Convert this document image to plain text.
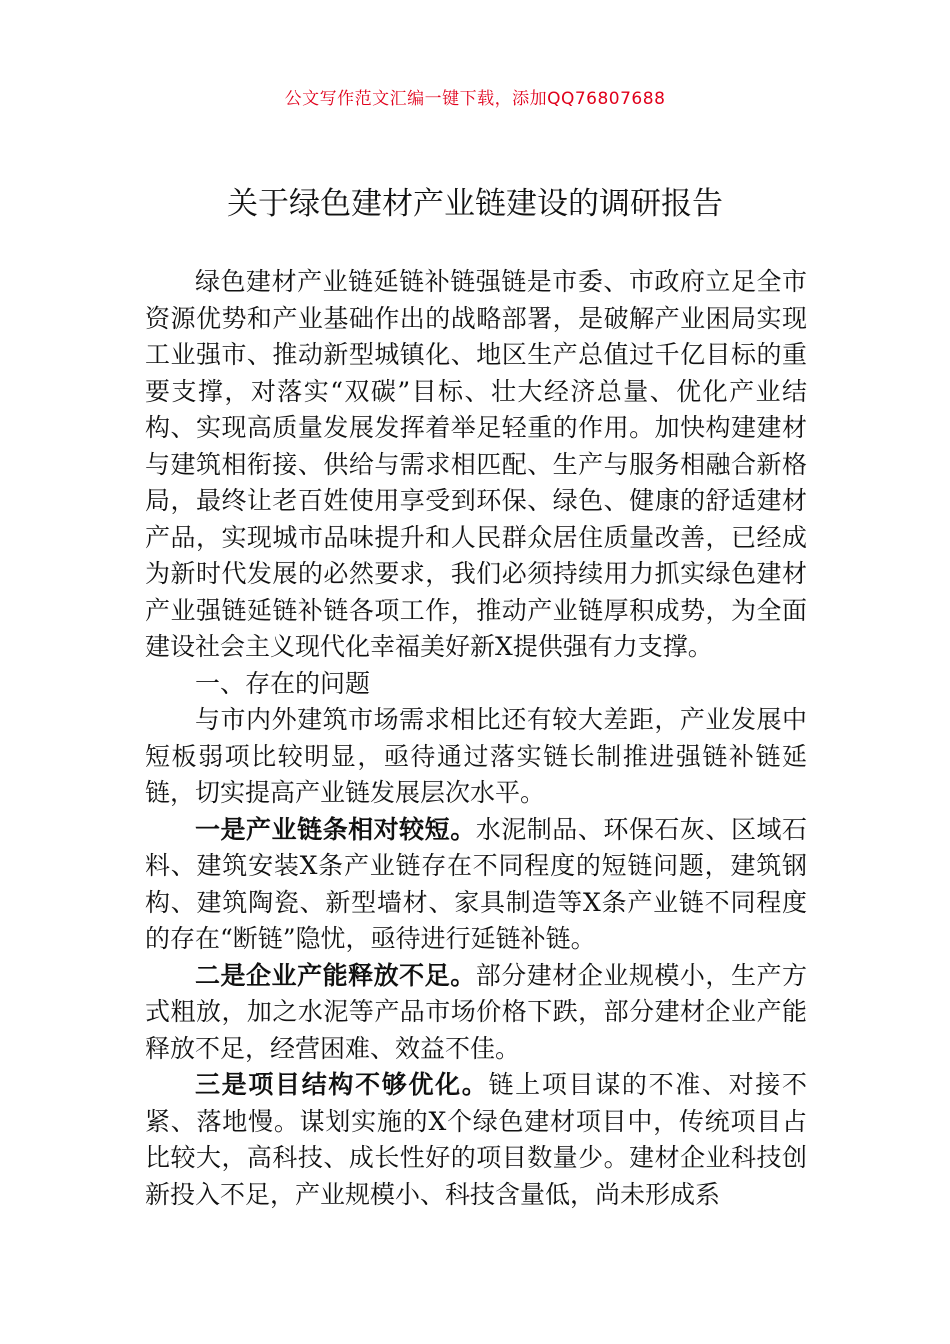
公文写作范文汇编一键下载，添加QQ76807688
关于绿色建材产业链建设的调研报告

绿色建材产业链延链补链强链是市委、市政府立足全市资源优势和产业基础作出的战略部署，是破解产业困局实现工业强市、推动新型城镇化、地区生产总值过千亿目标的重要支撑，对落实“双碳”目标、壮大经济总量、优化产业结构、实现高质量发展发挥着举足轻重的作用。加快构建建材与建筑相衔接、供给与需求相匹配、生产与服务相融合新格局，最终让老百姓使用享受到环保、绿色、健康的舒适建材产品，实现城市品味提升和人民群众居住质量改善，已经成为新时代发展的必然要求，我们必须持续用力抓实绿色建材产业强链延链补链各项工作，推动产业链厚积成势，为全面建设社会主义现代化幸福美好新X提供强有力支撑。

一、存在的问题

与市内外建筑市场需求相比还有较大差距，产业发展中短板弱项比较明显，亟待通过落实链长制推进强链补链延链，切实提高产业链发展层次水平。

一是产业链条相对较短。水泥制品、环保石灰、区域石料、建筑安装X条产业链存在不同程度的短链问题，建筑钢构、建筑陶瓷、新型墙材、家具制造等X条产业链不同程度的存在“断链”隐忧，亟待进行延链补链。

二是企业产能释放不足。部分建材企业规模小，生产方式粗放，加之水泥等产品市场价格下跌，部分建材企业产能释放不足，经营困难、效益不佳。

三是项目结构不够优化。链上项目谋的不准、对接不紧、落地慢。谋划实施的X个绿色建材项目中，传统项目占比较大，高科技、成长性好的项目数量少。建材企业科技创新投入不足，产业规模小、科技含量低，尚未形成系
